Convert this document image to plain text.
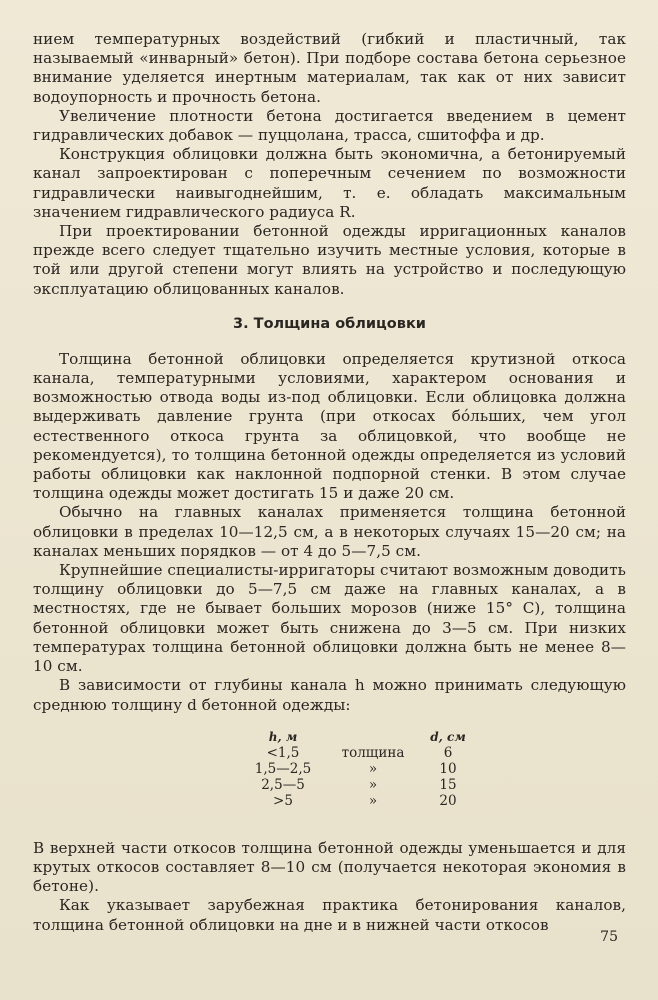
нием температурных воздействий (гибкий и пластичный, так называемый «инварный» бетон). При подборе состава бетона серьезное внимание уделяется инертным материалам, так как от них зависит водоупорность и прочность бетона.

Увеличение плотности бетона достигается введением в цемент гидравлических добавок — пуццолана, трасса, сшитоффа и др.

Конструкция облицовки должна быть экономична, а бетонируемый канал запроектирован с поперечным сечением по возможности гидравлически наивыгоднейшим, т. е. обладать максимальным значением гидравлического радиуса R.

При проектировании бетонной одежды ирригационных каналов прежде всего следует тщательно изучить местные условия, которые в той или другой степени могут влиять на устройство и последующую эксплуатацию облицованных каналов.

3. Толщина облицовки

Толщина бетонной облицовки определяется крутизной откоса канала, температурными условиями, характером основания и возможностью отвода воды из-под облицовки. Если облицовка должна выдерживать давление грунта (при откосах бо́льших, чем угол естественного откоса грунта за облицовкой, что вообще не рекомендуется), то толщина бетонной одежды определяется из условий работы облицовки как наклонной подпорной стенки. В этом случае толщина одежды может достигать 15 и даже 20 см.

Обычно на главных каналах применяется толщина бетонной облицовки в пределах 10—12,5 см, а в некоторых случаях 15—20 см; на каналах меньших порядков — от 4 до 5—7,5 см.

Крупнейшие специалисты-ирригаторы считают возможным доводить толщину облицовки до 5—7,5 см даже на главных каналах, а в местностях, где не бывает больших морозов (ниже 15° С), толщина бетонной облицовки может быть снижена до 3—5 см. При низких температурах толщина бетонной облицовки должна быть не менее 8—10 см.

В зависимости от глубины канала h можно принимать следующую среднюю толщину d бетонной одежды:

h, м		d, см
<1,5	толщина	6
1,5—2,5	»	10
2,5—5	»	15
>5	»	20

В верхней части откосов толщина бетонной одежды уменьшается и для крутых откосов составляет 8—10 см (получается некоторая экономия в бетоне).

Как указывает зарубежная практика бетонирования каналов, толщина бетонной облицовки на дне и в нижней части откосов

75
